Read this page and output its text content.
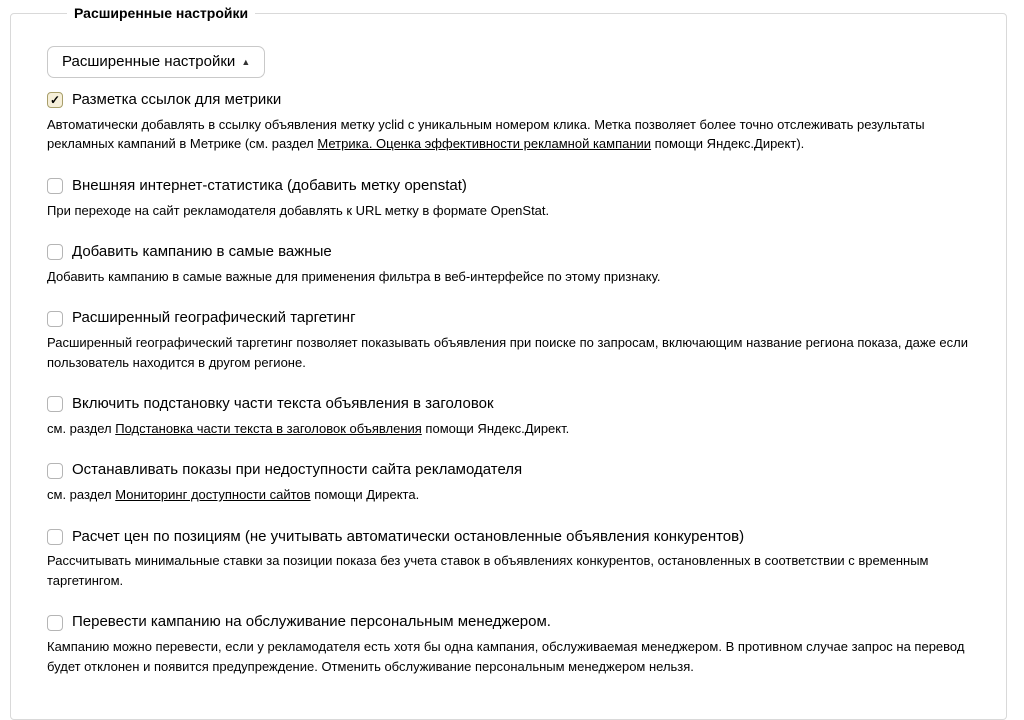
Расширенные настройки
Расширенные настройки ▲
✓ Разметка ссылок для метрики
Автоматически добавлять в ссылку объявления метку yclid с уникальным номером клика. Метка позволяет более точно отслеживать результаты рекламных кампаний в Метрике (см. раздел Метрика. Оценка эффективности рекламной кампании помощи Яндекс.Директ).
Внешняя интернет-статистика (добавить метку openstat)
При переходе на сайт рекламодателя добавлять к URL метку в формате OpenStat.
Добавить кампанию в самые важные
Добавить кампанию в самые важные для применения фильтра в веб-интерфейсе по этому признаку.
Расширенный географический таргетинг
Расширенный географический таргетинг позволяет показывать объявления при поиске по запросам, включающим название региона показа, даже если пользователь находится в другом регионе.
Включить подстановку части текста объявления в заголовок
см. раздел Подстановка части текста в заголовок объявления помощи Яндекс.Директ.
Останавливать показы при недоступности сайта рекламодателя
см. раздел Мониторинг доступности сайтов помощи Директа.
Расчет цен по позициям (не учитывать автоматически остановленные объявления конкурентов)
Рассчитывать минимальные ставки за позиции показа без учета ставок в объявлениях конкурентов, остановленных в соответствии с временным таргетингом.
Перевести кампанию на обслуживание персональным менеджером.
Кампанию можно перевести, если у рекламодателя есть хотя бы одна кампания, обслуживаемая менеджером. В противном случае запрос на перевод будет отклонен и появится предупреждение. Отменить обслуживание персональным менеджером нельзя.
